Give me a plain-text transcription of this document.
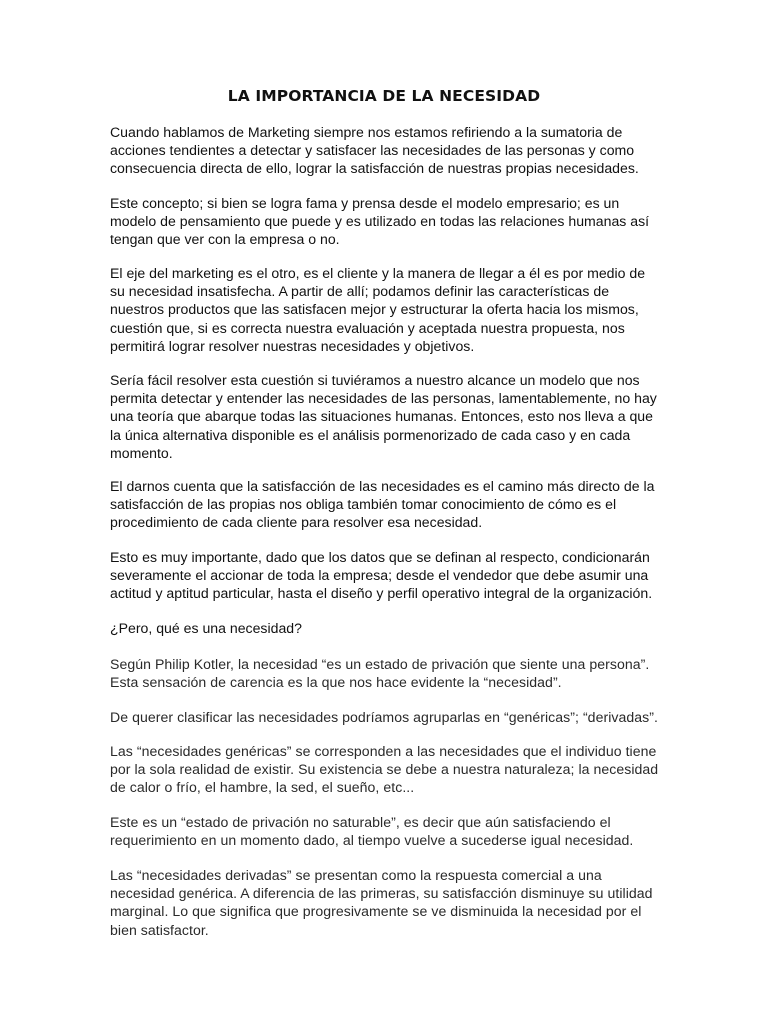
LA IMPORTANCIA DE LA NECESIDAD

Cuando hablamos de Marketing siempre nos estamos refiriendo a la sumatoria de acciones tendientes a detectar y satisfacer las necesidades de las personas y como consecuencia directa de ello, lograr la satisfacción de nuestras propias necesidades.

Este concepto; si bien se logra fama y prensa desde el modelo empresario; es un modelo de pensamiento que puede y es utilizado en todas las relaciones humanas así tengan que ver con la empresa o no.

El eje del marketing es el otro, es el cliente y la manera de llegar a él es por medio de su necesidad insatisfecha. A partir de allí; podamos definir las características de nuestros productos que las satisfacen mejor y estructurar la oferta hacia los mismos, cuestión que, si es correcta nuestra evaluación y aceptada nuestra propuesta, nos permitirá lograr resolver nuestras necesidades y objetivos.

Sería fácil resolver esta cuestión si tuviéramos a nuestro alcance un modelo que nos permita detectar y entender las necesidades de las personas, lamentablemente, no hay una teoría que abarque todas las situaciones humanas. Entonces, esto nos lleva a que la única alternativa disponible es el análisis pormenorizado de cada caso y en cada momento.

El darnos cuenta que la satisfacción de las necesidades es el camino más directo de la satisfacción de las propias nos obliga también tomar conocimiento de cómo es el procedimiento de cada cliente para resolver esa necesidad.

Esto es muy importante, dado que los datos que se definan al respecto, condicionarán severamente el accionar de toda la empresa; desde el vendedor que debe asumir una actitud y aptitud particular, hasta el diseño y perfil operativo integral de la organización.

¿Pero, qué es una necesidad?

Según Philip Kotler, la necesidad “es un estado de privación que siente una persona”. Esta sensación de carencia es la que nos hace evidente la “necesidad”.

De querer clasificar las necesidades podríamos agruparlas en “genéricas”; “derivadas”.

Las “necesidades genéricas” se corresponden a las necesidades que el individuo tiene por la sola realidad de existir. Su existencia se debe a nuestra naturaleza; la necesidad de calor o frío, el hambre, la sed, el sueño, etc...

Este es un “estado de privación no saturable”, es decir que aún satisfaciendo el requerimiento en un momento dado, al tiempo vuelve a sucederse igual necesidad.

Las “necesidades derivadas” se presentan como la respuesta comercial a una necesidad genérica. A diferencia de las primeras, su satisfacción disminuye su utilidad marginal. Lo que significa que progresivamente se ve disminuida la necesidad por el bien satisfactor.
